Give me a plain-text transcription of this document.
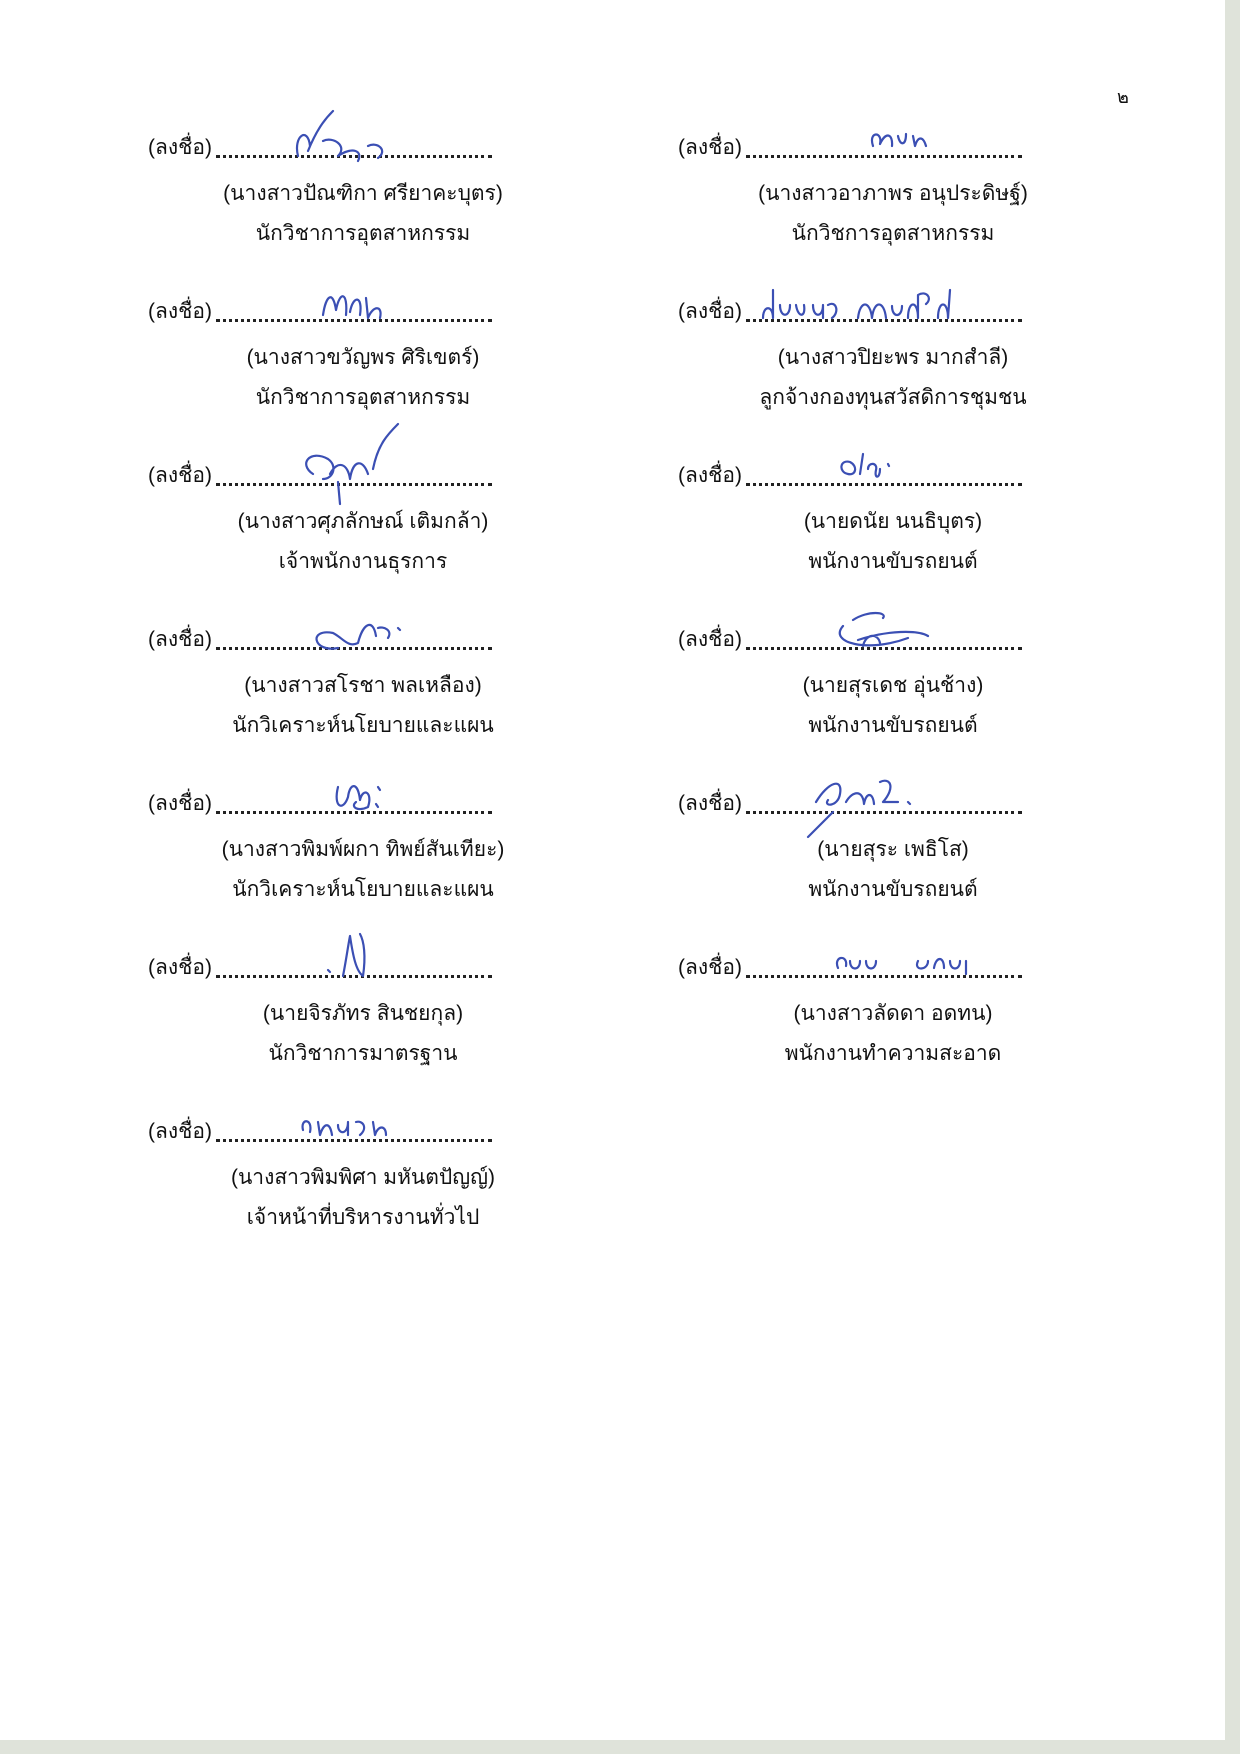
๒
(ลงชื่อ)
(นางสาวปัณฑิกา ศรียาคะบุตร)
นักวิชาการอุตสาหกรรม
(ลงชื่อ)
(นางสาวขวัญพร ศิริเขตร์)
นักวิชาการอุตสาหกรรม
(ลงชื่อ)
(นางสาวศุภลักษณ์ เติมกล้า)
เจ้าพนักงานธุรการ
(ลงชื่อ)
(นางสาวสโรชา พลเหลือง)
นักวิเคราะห์นโยบายและแผน
(ลงชื่อ)
(นางสาวพิมพ์ผกา ทิพย์สันเทียะ)
นักวิเคราะห์นโยบายและแผน
(ลงชื่อ)
(นายจิรภัทร สินชยกุล)
นักวิชาการมาตรฐาน
(ลงชื่อ)
(นางสาวพิมพิศา มหันตปัญญ์)
เจ้าหน้าที่บริหารงานทั่วไป
(ลงชื่อ)
(นางสาวอาภาพร อนุประดิษฐ์)
นักวิชการอุตสาหกรรม
(ลงชื่อ)
(นางสาวปิยะพร มากสำลี)
ลูกจ้างกองทุนสวัสดิการชุมชน
(ลงชื่อ)
(นายดนัย นนธิบุตร)
พนักงานขับรถยนต์
(ลงชื่อ)
(นายสุรเดช อุ่นช้าง)
พนักงานขับรถยนต์
(ลงชื่อ)
(นายสุระ เพธิโส)
พนักงานขับรถยนต์
(ลงชื่อ)
(นางสาวลัดดา อดทน)
พนักงานทำความสะอาด
